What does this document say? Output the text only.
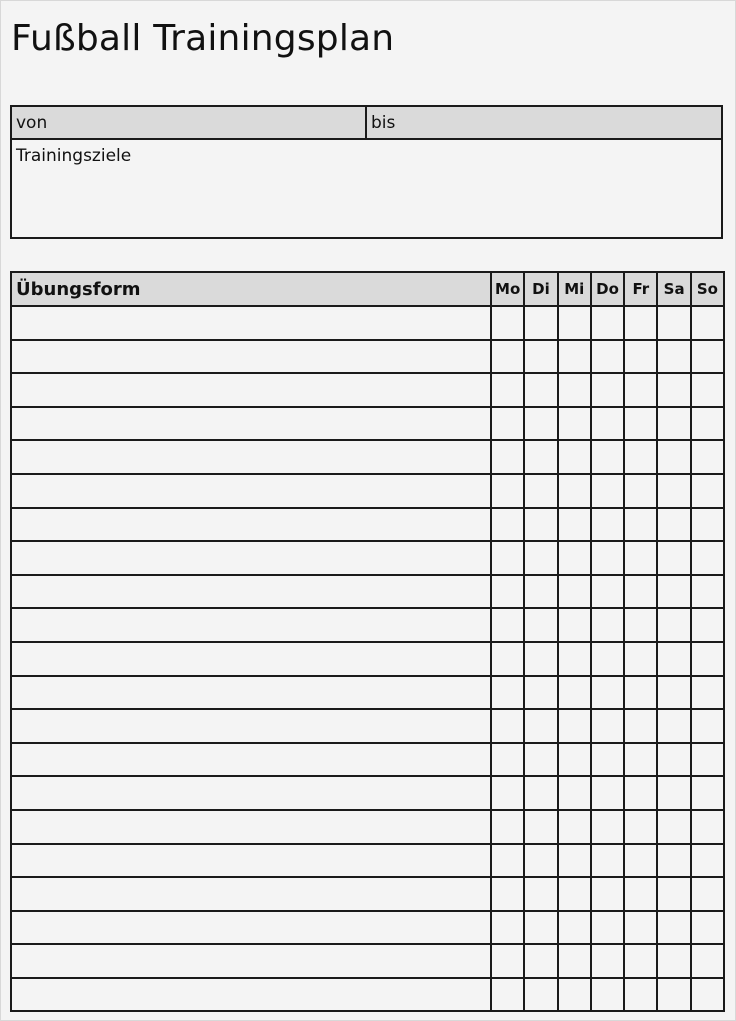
Fußball Trainingsplan
von	bis
Trainingsziele
Übungsform	Mo	Di	Mi	Do	Fr	Sa	So
